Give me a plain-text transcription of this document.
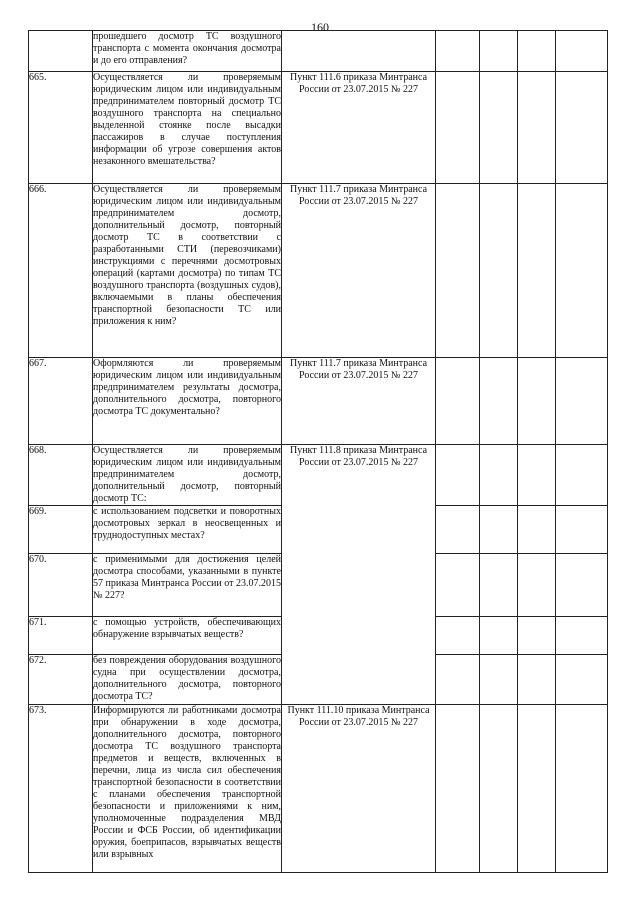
160
	прошедшего досмотр ТС воздушного транспорта с момента окончания досмотра и до его отправления?					
665.	Осуществляется ли проверяемым юридическим лицом или индивидуальным предпринимателем повторный досмотр ТС воздушного транспорта на специально выделенной стоянке после высадки пассажиров в случае поступления информации об угрозе совершения актов незаконного вмешательства?	Пункт 111.6 приказа Минтранса России от 23.07.2015 № 227				
666.	Осуществляется ли проверяемым юридическим лицом или индивидуальным предпринимателем досмотр, дополнительный досмотр, повторный досмотр ТС в соответствии с разработанными СТИ (перевозчиками) инструкциями с перечнями досмотровых операций (картами досмотра) по типам ТС воздушного транспорта (воздушных судов), включаемыми в планы обеспечения транспортной безопасности ТС или приложения к ним?	Пункт 111.7 приказа Минтранса России от 23.07.2015 № 227				
667.	Оформляются ли проверяемым юридическим лицом или индивидуальным предпринимателем результаты досмотра, дополнительного досмотра, повторного досмотра ТС документально?	Пункт 111.7 приказа Минтранса России от 23.07.2015 № 227				
668.	Осуществляется ли проверяемым юридическим лицом или индивидуальным предпринимателем досмотр, дополнительный досмотр, повторный досмотр ТС:	Пункт 111.8 приказа Минтранса России от 23.07.2015 № 227				
669.	с использованием подсветки и поворотных досмотровых зеркал в неосвещенных и труднодоступных местах?					
670.	с применимыми для достижения целей досмотра способами, указанными в пункте 57 приказа Минтранса России от 23.07.2015 № 227?					
671.	с помощью устройств, обеспечивающих обнаружение взрывчатых веществ?					
672.	без повреждения оборудования воздушного судна при осуществлении досмотра, дополнительного досмотра, повторного досмотра ТС?					
673.	Информируются ли работниками досмотра при обнаружении в ходе досмотра, дополнительного досмотра, повторного досмотра ТС воздушного транспорта предметов и веществ, включенных в перечни, лица из числа сил обеспечения транспортной безопасности в соответствии с планами обеспечения транспортной безопасности и приложениями к ним, уполномоченные подразделения МВД России и ФСБ России, об идентификации оружия, боеприпасов, взрывчатых веществ или взрывных	Пункт 111.10 приказа Минтранса России от 23.07.2015 № 227				
